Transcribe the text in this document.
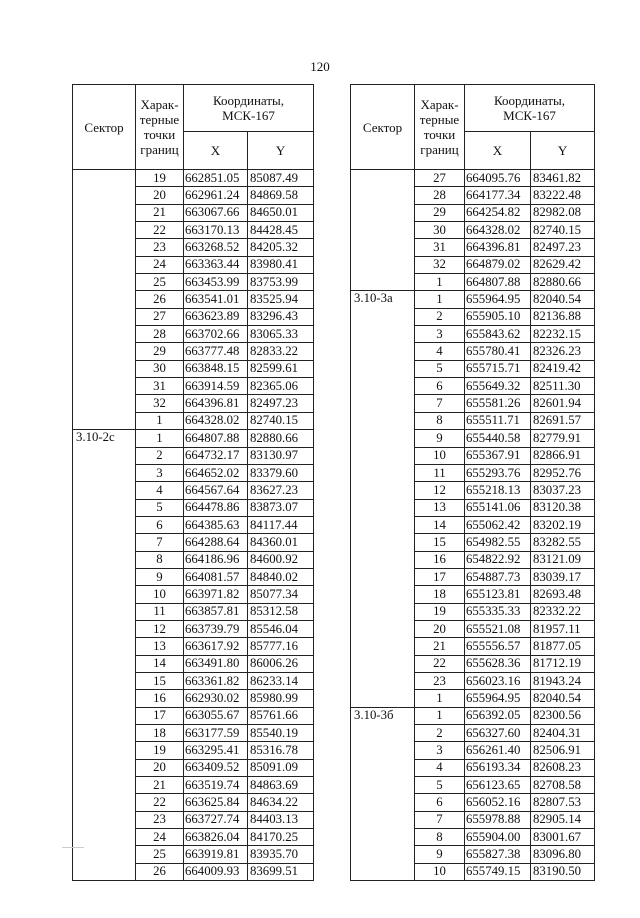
120
Сектор	Харак-
терные
точки
границ	Координаты,
МСК-167	

		X	Y
	19	662851.05	85087.49
	20	662961.24	84869.58
	21	663067.66	84650.01
	22	663170.13	84428.45
	23	663268.52	84205.32
	24	663363.44	83980.41
	25	663453.99	83753.99
	26	663541.01	83525.94
	27	663623.89	83296.43
	28	663702.66	83065.33
	29	663777.48	82833.22
	30	663848.15	82599.61
	31	663914.59	82365.06
	32	664396.81	82497.23
	1	664328.02	82740.15
3.10-2с	1	664807.88	82880.66
	2	664732.17	83130.97
	3	664652.02	83379.60
	4	664567.64	83627.23
	5	664478.86	83873.07
	6	664385.63	84117.44
	7	664288.64	84360.01
	8	664186.96	84600.92
	9	664081.57	84840.02
	10	663971.82	85077.34
	11	663857.81	85312.58
	12	663739.79	85546.04
	13	663617.92	85777.16
	14	663491.80	86006.26
	15	663361.82	86233.14
	16	662930.02	85980.99
	17	663055.67	85761.66
	18	663177.59	85540.19
	19	663295.41	85316.78
	20	663409.52	85091.09
	21	663519.74	84863.69
	22	663625.84	84634.22
	23	663727.74	84403.13
	24	663826.04	84170.25
	25	663919.81	83935.70
	26	664009.93	83699.51
Сектор	Харак-
терные
точки
границ	Координаты,
МСК-167	

		X	Y
	27	664095.76	83461.82
	28	664177.34	83222.48
	29	664254.82	82982.08
	30	664328.02	82740.15
	31	664396.81	82497.23
	32	664879.02	82629.42
	1	664807.88	82880.66
3.10-3а	1	655964.95	82040.54
	2	655905.10	82136.88
	3	655843.62	82232.15
	4	655780.41	82326.23
	5	655715.71	82419.42
	6	655649.32	82511.30
	7	655581.26	82601.94
	8	655511.71	82691.57
	9	655440.58	82779.91
	10	655367.91	82866.91
	11	655293.76	82952.76
	12	655218.13	83037.23
	13	655141.06	83120.38
	14	655062.42	83202.19
	15	654982.55	83282.55
	16	654822.92	83121.09
	17	654887.73	83039.17
	18	655123.81	82693.48
	19	655335.33	82332.22
	20	655521.08	81957.11
	21	655556.57	81877.05
	22	655628.36	81712.19
	23	656023.16	81943.24
	1	655964.95	82040.54
3.10-3б	1	656392.05	82300.56
	2	656327.60	82404.31
	3	656261.40	82506.91
	4	656193.34	82608.23
	5	656123.65	82708.58
	6	656052.16	82807.53
	7	655978.88	82905.14
	8	655904.00	83001.67
	9	655827.38	83096.80
	10	655749.15	83190.50
